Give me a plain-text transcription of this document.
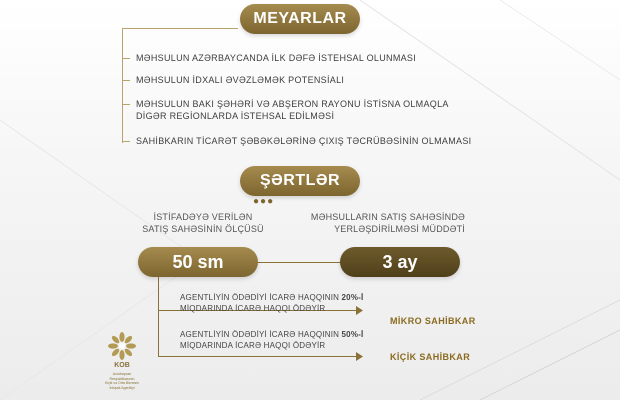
MEYARLAR
MƏHSULUN AZƏRBAYCANDA İLK DƏFƏ İSTEHSAL OLUNMASI
MƏHSULUN İDXALI ƏVƏZLƏMƏK POTENSİALI
MƏHSULUN BAKI ŞƏHƏRİ VƏ ABŞERON RAYONU İSTİSNA OLMAQLA
DİGƏR REGİONLARDA İSTEHSAL EDİLMƏSİ
SAHİBKARIN TİCARƏT ŞƏBƏKƏLƏRİNƏ ÇIXIŞ TƏCRÜBƏSİNİN OLMAMASI
ŞƏRTLƏR
●●●
İSTİFADƏYƏ VERİLƏN
SATIŞ SAHƏSİNİN ÖLÇÜSÜ
MƏHSULLARIN SATIŞ SAHƏSİNDƏ
YERLƏŞDİRİLMƏSİ MÜDDƏTİ
50 sm	3 ay
AGENTLİYİN ÖDƏDİYİ İCARƏ HAQQININ 20%-İ
MİQDARINDA İCARƏ HAQQI ÖDƏYİR
MİKRO SAHİBKAR
AGENTLİYİN ÖDƏDİYİ İCARƏ HAQQININ 50%-İ
MİQDARINDA İCARƏ HAQQI ÖDƏYİR
KİÇİK SAHİBKAR
KOB
Azərbaycan Respublikasının
Kiçik və Orta Biznesin
İnkişafı Agentliyi
